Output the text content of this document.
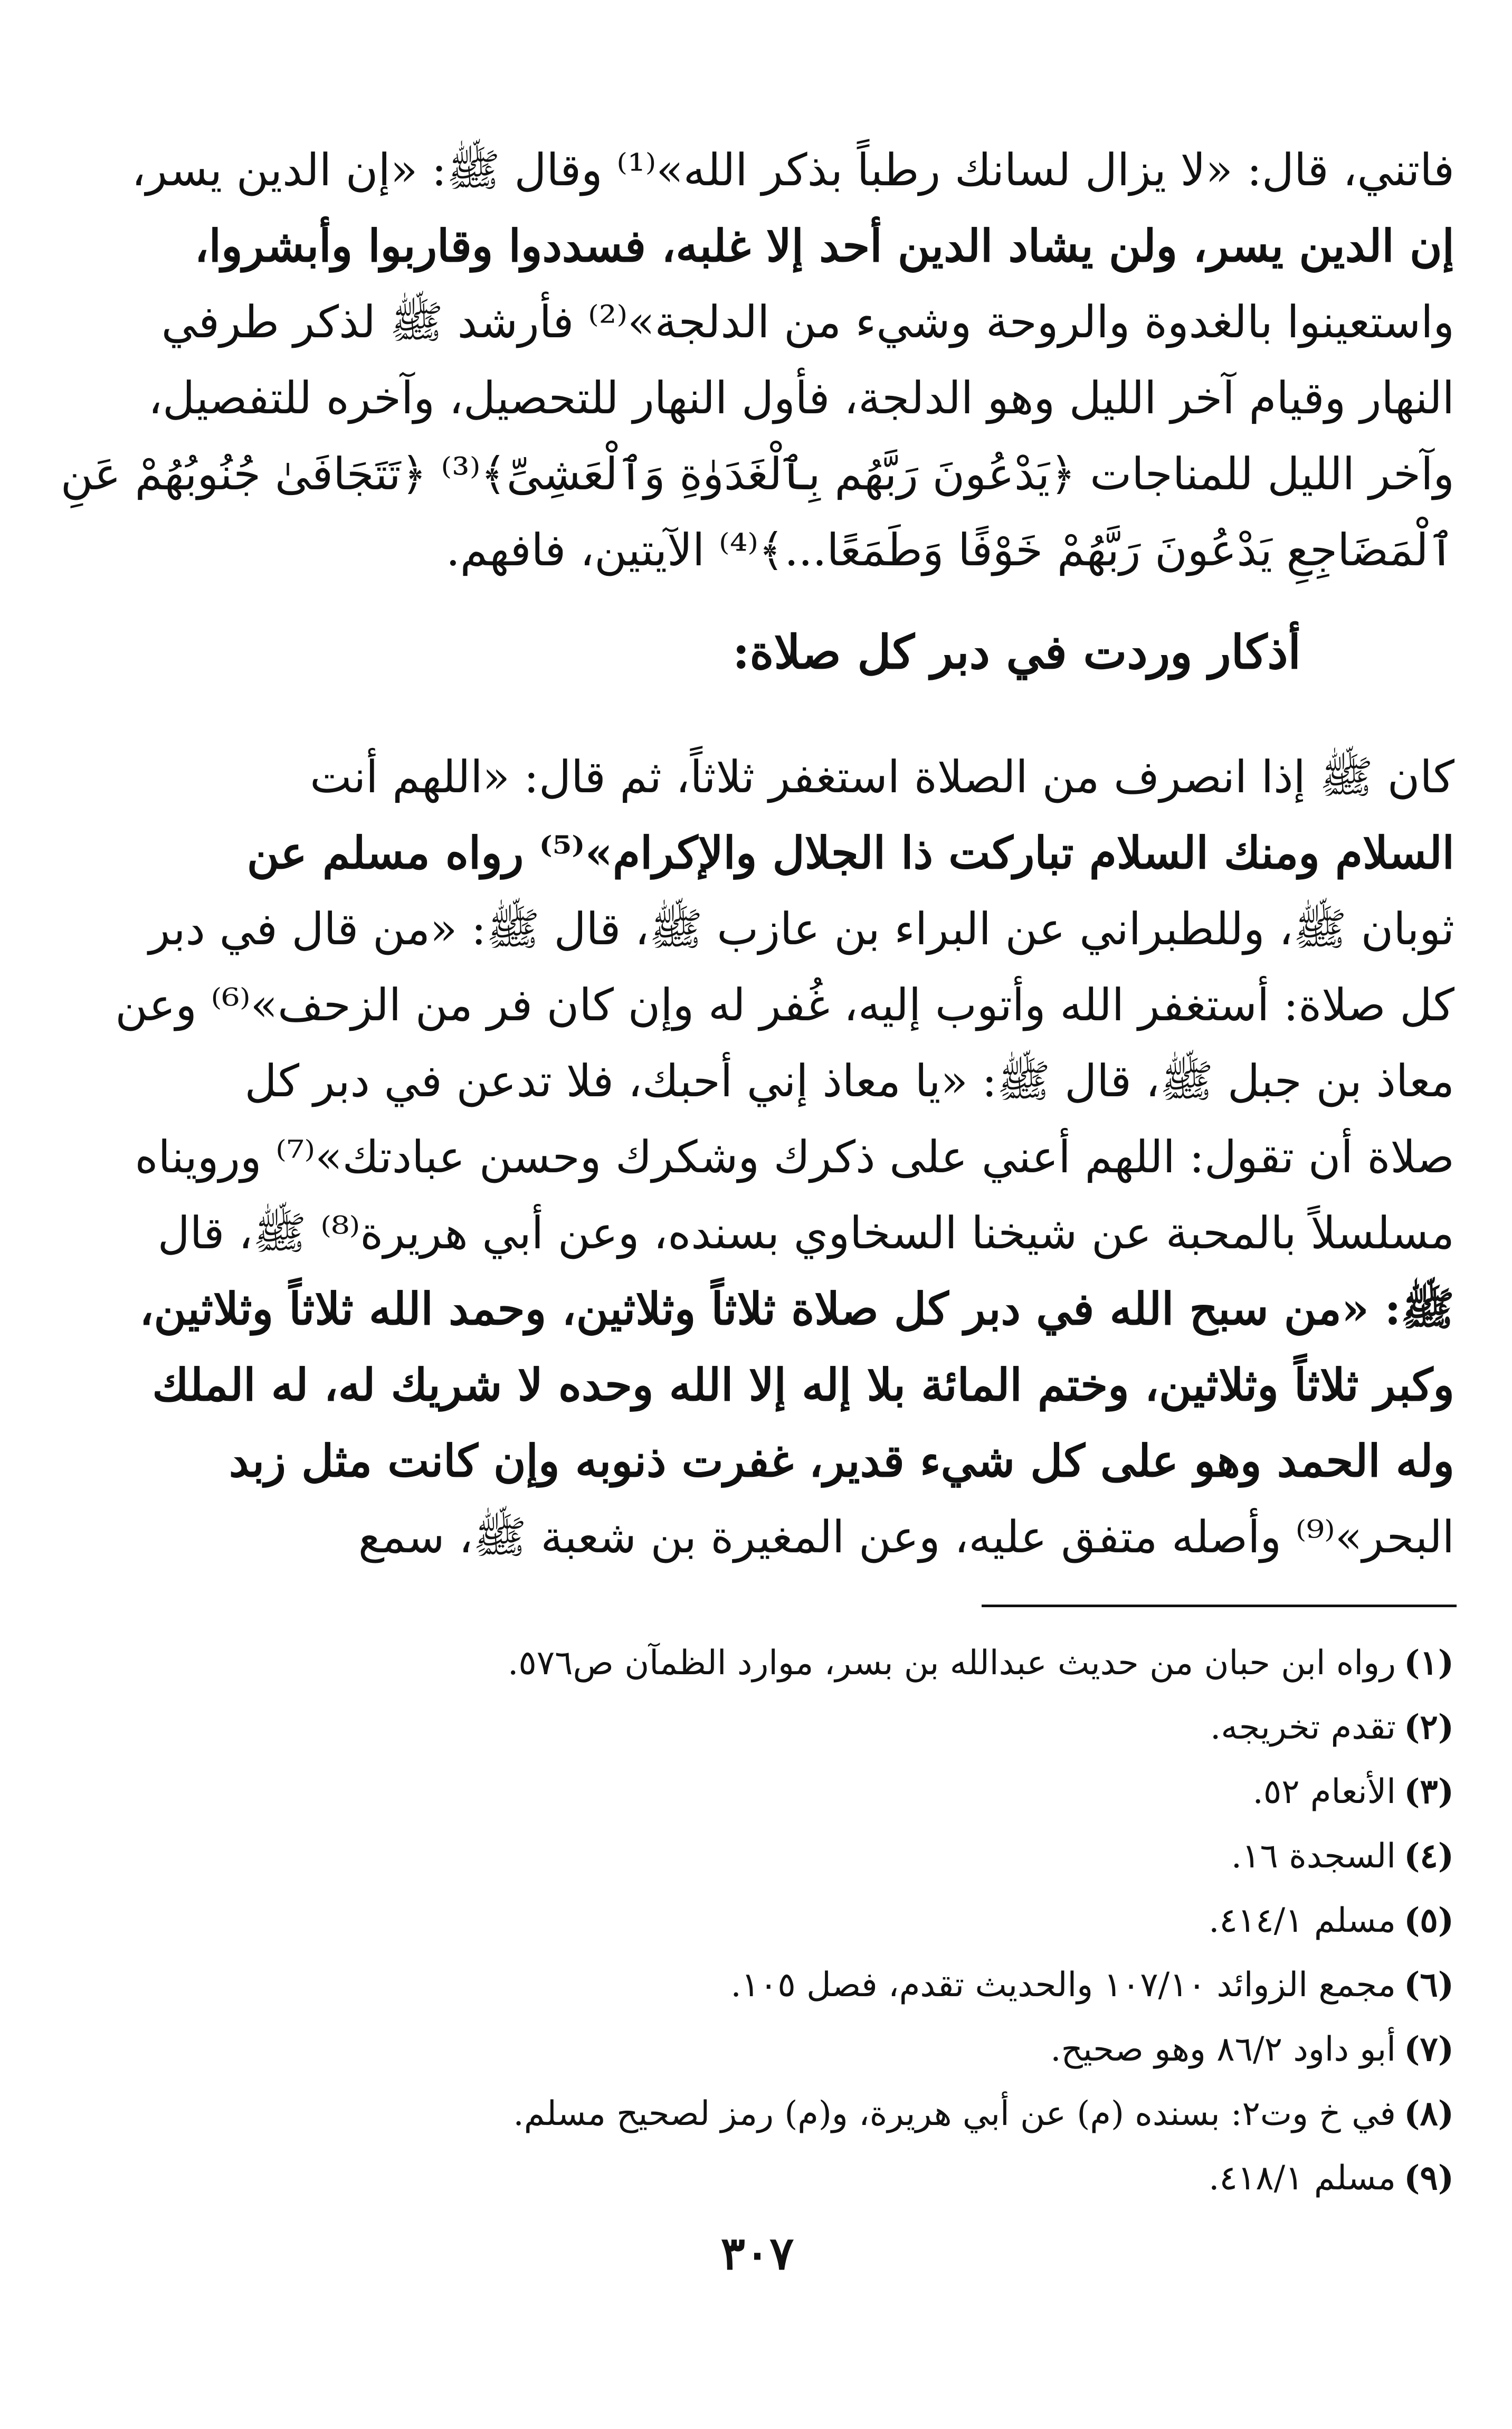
فاتني، قال: «لا يزال لسانك رطباً بذكر الله»⁽¹⁾ وقال ﷺ: «إن الدين يسر،
إن الدين يسر، ولن يشاد الدين أحد إلا غلبه، فسددوا وقاربوا وأبشروا،
واستعينوا بالغدوة والروحة وشيء من الدلجة»⁽²⁾ فأرشد ﷺ لذكر طرفي
النهار وقيام آخر الليل وهو الدلجة، فأول النهار للتحصيل، وآخره للتفصيل،
وآخر الليل للمناجات ﴿يَدْعُونَ رَبَّهُم بِٱلْغَدَوٰةِ وَٱلْعَشِىِّ﴾⁽³⁾ ﴿تَتَجَافَىٰ جُنُوبُهُمْ عَنِ
ٱلْمَضَاجِعِ يَدْعُونَ رَبَّهُمْ خَوْفًا وَطَمَعًا...﴾⁽⁴⁾ الآيتين، فافهم.
أذكار وردت في دبر كل صلاة:
كان ﷺ إذا انصرف من الصلاة استغفر ثلاثاً، ثم قال: «اللهم أنت
السلام ومنك السلام تباركت ذا الجلال والإكرام»⁽⁵⁾ رواه مسلم عن
ثوبان ﷺ، وللطبراني عن البراء بن عازب ﷺ، قال ﷺ: «من قال في دبر
كل صلاة: أستغفر الله وأتوب إليه، غُفر له وإن كان فر من الزحف»⁽⁶⁾ وعن
معاذ بن جبل ﷺ، قال ﷺ: «يا معاذ إني أحبك، فلا تدعن في دبر كل
صلاة أن تقول: اللهم أعني على ذكرك وشكرك وحسن عبادتك»⁽⁷⁾ ورويناه
مسلسلاً بالمحبة عن شيخنا السخاوي بسنده، وعن أبي هريرة⁽⁸⁾ ﷺ، قال
ﷺ: «من سبح الله في دبر كل صلاة ثلاثاً وثلاثين، وحمد الله ثلاثاً وثلاثين،
وكبر ثلاثاً وثلاثين، وختم المائة بلا إله إلا الله وحده لا شريك له، له الملك
وله الحمد وهو على كل شيء قدير، غفرت ذنوبه وإن كانت مثل زبد
البحر»⁽⁹⁾ وأصله متفق عليه، وعن المغيرة بن شعبة ﷺ، سمع
(١)
رواه ابن حبان من حديث عبدالله بن بسر، موارد الظمآن ص٥٧٦.
(٢)
تقدم تخريجه.
(٣)
الأنعام ٥٢.
(٤)
السجدة ١٦.
(٥)
مسلم ٤١٤/١.
(٦)
مجمع الزوائد ١٠٧/١٠ والحديث تقدم، فصل ١٠٥.
(٧)
أبو داود ٨٦/٢ وهو صحيح.
(٨)
في خ وت٢: بسنده (م) عن أبي هريرة، و(م) رمز لصحيح مسلم.
(٩)
مسلم ٤١٨/١.
٣٠٧
